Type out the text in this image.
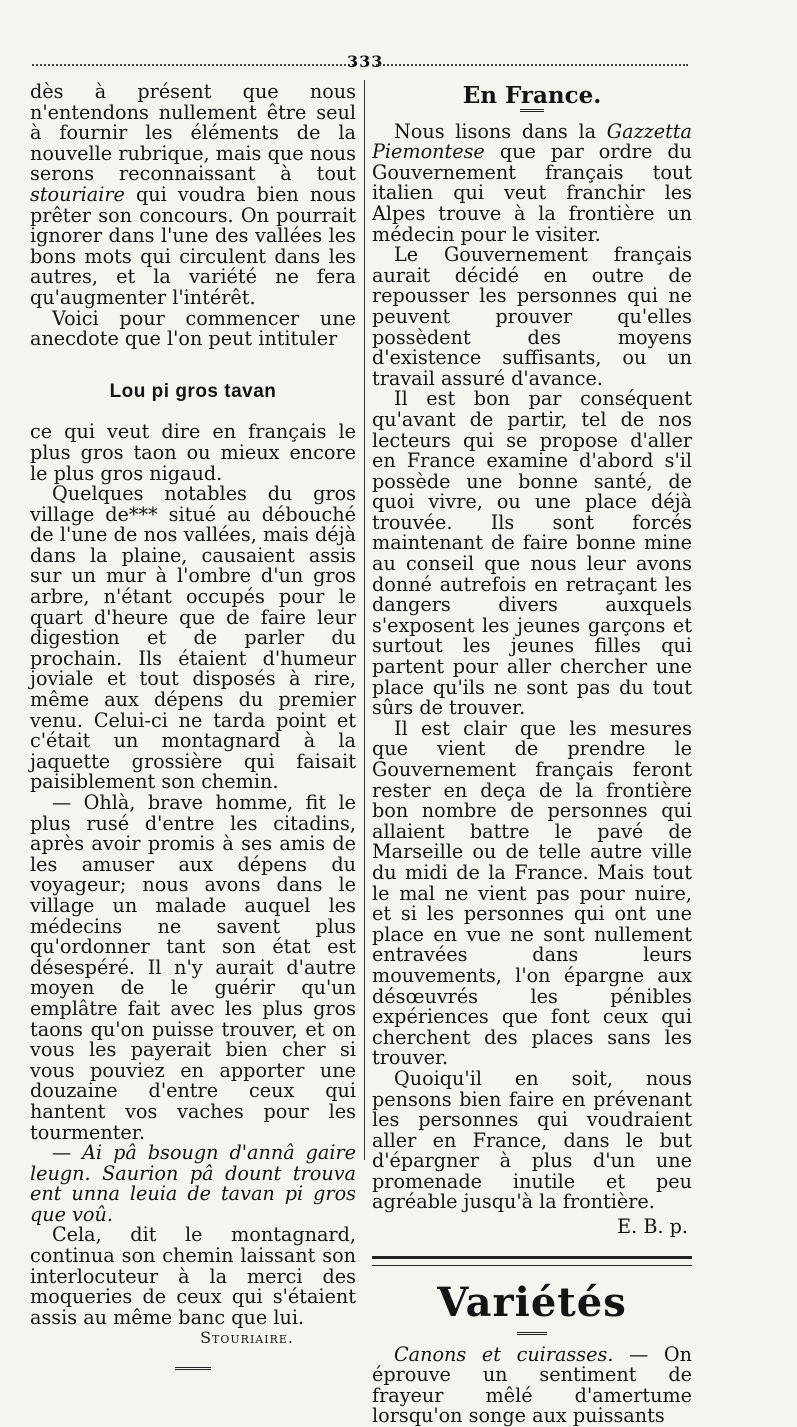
333

dès à présent que nous n'entendons nullement être seul à fournir les éléments de la nouvelle rubrique, mais que nous serons reconnaissant à tout stouriaire qui voudra bien nous prêter son concours. On pourrait ignorer dans l'une des vallées les bons mots qui circulent dans les autres, et la variété ne fera qu'augmenter l'intérêt.

Voici pour commencer une anecdote que l'on peut intituler

Lou pi gros tavan

ce qui veut dire en français le plus gros taon ou mieux encore le plus gros nigaud.

Quelques notables du gros village de*** situé au débouché de l'une de nos vallées, mais déjà dans la plaine, causaient assis sur un mur à l'ombre d'un gros arbre, n'étant occupés pour le quart d'heure que de faire leur digestion et de parler du prochain. Ils étaient d'humeur joviale et tout disposés à rire, même aux dépens du premier venu. Celui-ci ne tarda point et c'était un montagnard à la jaquette grossière qui faisait paisiblement son chemin.

— Ohlà, brave homme, fit le plus rusé d'entre les citadins, après avoir promis à ses amis de les amuser aux dépens du voyageur; nous avons dans le village un malade auquel les médecins ne savent plus qu'ordonner tant son état est désespéré. Il n'y aurait d'autre moyen de le guérir qu'un emplâtre fait avec les plus gros taons qu'on puisse trouver, et on vous les payerait bien cher si vous pouviez en apporter une douzaine d'entre ceux qui hantent vos vaches pour les tourmenter.

— Ai pâ bsougn d'annâ gaire leugn. Saurion pâ dount trouva ent unna leuia de tavan pi gros que voû.

Cela, dit le montagnard, continua son chemin laissant son interlocuteur à la merci des moqueries de ceux qui s'étaient assis au même banc que lui.

Stouriaire.

En France.

Nous lisons dans la Gazzetta Piemontese que par ordre du Gouvernement français tout italien qui veut franchir les Alpes trouve à la frontière un médecin pour le visiter.

Le Gouvernement français aurait décidé en outre de repousser les personnes qui ne peuvent prouver qu'elles possèdent des moyens d'existence suffisants, ou un travail assuré d'avance.

Il est bon par conséquent qu'avant de partir, tel de nos lecteurs qui se propose d'aller en France examine d'abord s'il possède une bonne santé, de quoi vivre, ou une place déjà trouvée. Ils sont forcés maintenant de faire bonne mine au conseil que nous leur avons donné autrefois en retraçant les dangers divers auxquels s'exposent les jeunes garçons et surtout les jeunes filles qui partent pour aller chercher une place qu'ils ne sont pas du tout sûrs de trouver.

Il est clair que les mesures que vient de prendre le Gouvernement français feront rester en deça de la frontière bon nombre de personnes qui allaient battre le pavé de Marseille ou de telle autre ville du midi de la France. Mais tout le mal ne vient pas pour nuire, et si les personnes qui ont une place en vue ne sont nullement entravées dans leurs mouvements, l'on épargne aux désœuvrés les pénibles expériences que font ceux qui cherchent des places sans les trouver.

Quoiqu'il en soit, nous pensons bien faire en prévenant les personnes qui voudraient aller en France, dans le but d'épargner à plus d'un une promenade inutile et peu agréable jusqu'à la frontière.

E. B. p.

Variétés

Canons et cuirasses. — On éprouve un sentiment de frayeur mêlé d'amertume lorsqu'on songe aux puissants
